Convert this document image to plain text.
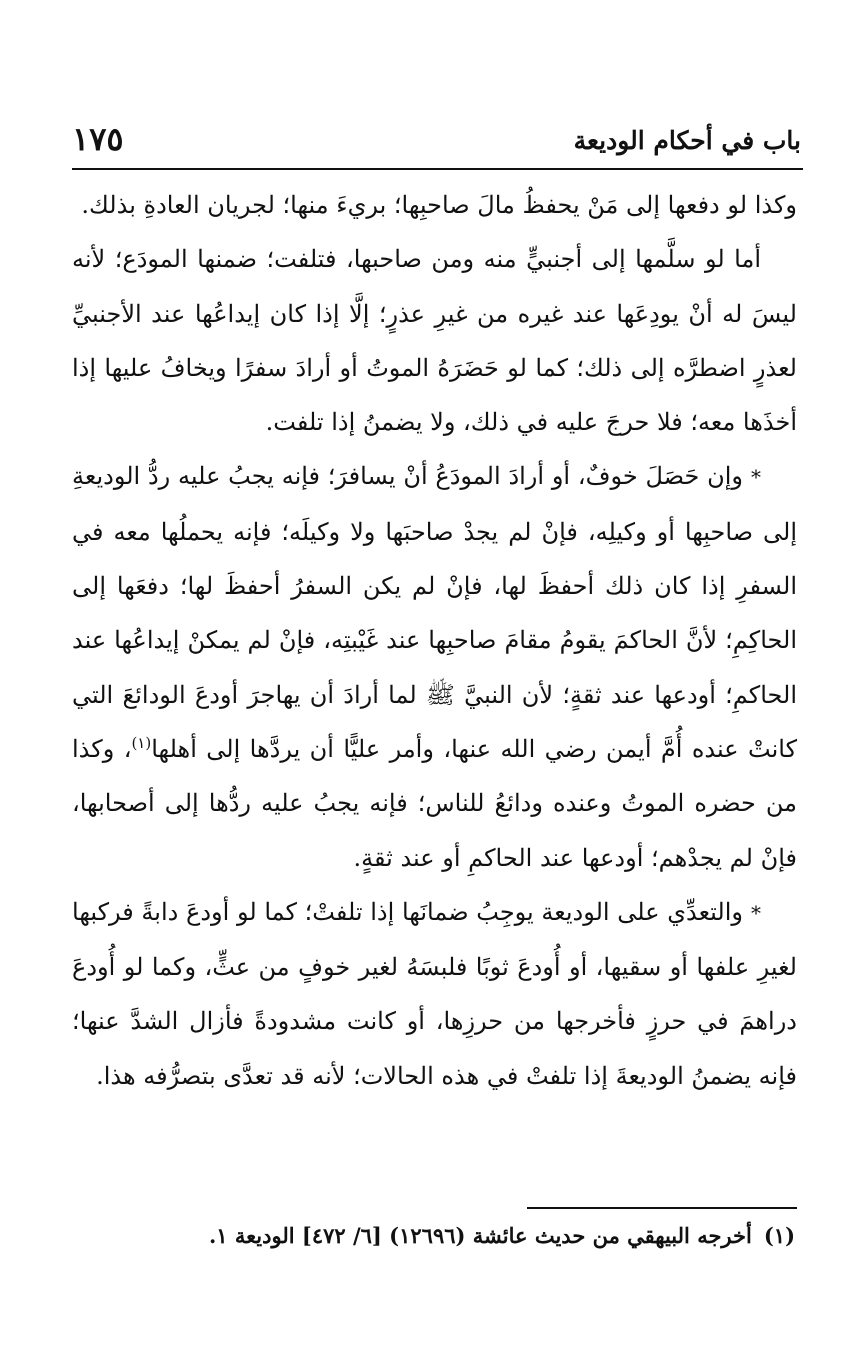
باب في أحكام الوديعة
١٧٥

وكذا لو دفعها إلى مَنْ يحفظُ مالَ صاحبِها؛ بريءَ منها؛ لجريان العادةِ بذلك.

أما لو سلَّمها إلى أجنبيٍّ منه ومن صاحبها، فتلفت؛ ضمنها المودَع؛ لأنه ليسَ له أنْ يودِعَها عند غيره من غيرِ عذرٍ؛ إلَّا إذا كان إيداعُها عند الأجنبيِّ لعذرٍ اضطرَّه إلى ذلك؛ كما لو حَضَرَهُ الموتُ أو أرادَ سفرًا ويخافُ عليها إذا أخذَها معه؛ فلا حرجَ عليه في ذلك، ولا يضمنُ إذا تلفت.

*وإن حَصَلَ خوفٌ، أو أرادَ المودَعُ أنْ يسافرَ؛ فإنه يجبُ عليه ردُّ الوديعةِ إلى صاحبِها أو وكيلِه، فإنْ لم يجدْ صاحبَها ولا وكيلَه؛ فإنه يحملُها معه في السفرِ إذا كان ذلك أحفظَ لها، فإنْ لم يكن السفرُ أحفظَ لها؛ دفعَها إلى الحاكِمِ؛ لأنَّ الحاكمَ يقومُ مقامَ صاحبِها عند غَيْبتِه، فإنْ لم يمكنْ إيداعُها عند الحاكمِ؛ أودعها عند ثقةٍ؛ لأن النبيَّ ﷺ لما أرادَ أن يهاجرَ أودعَ الودائعَ التي كانتْ عنده أُمَّ أيمن رضي الله عنها، وأمر عليًّا أن يردَّها إلى أهلها$^{(١)}$، وكذا من حضره الموتُ وعنده ودائعُ للناس؛ فإنه يجبُ عليه ردُّها إلى أصحابها، فإنْ لم يجدْهم؛ أودعها عند الحاكمِ أو عند ثقةٍ.

*والتعدِّي على الوديعة يوجِبُ ضمانَها إذا تلفتْ؛ كما لو أودعَ دابةً فركبها لغيرِ علفها أو سقيها، أو أُودعَ ثوبًا فلبسَهُ لغير خوفٍ من عثٍّ، وكما لو أُودعَ دراهمَ في حرزٍ فأخرجها من حرزِها، أو كانت مشدودةً فأزال الشدَّ عنها؛ فإنه يضمنُ الوديعةَ إذا تلفتْ في هذه الحالات؛ لأنه قد تعدَّى بتصرُّفه هذا.

(١)أخرجه البيهقي من حديث عائشة (١٢٦٩٦) [٦/ ٤٧٢] الوديعة ١.
